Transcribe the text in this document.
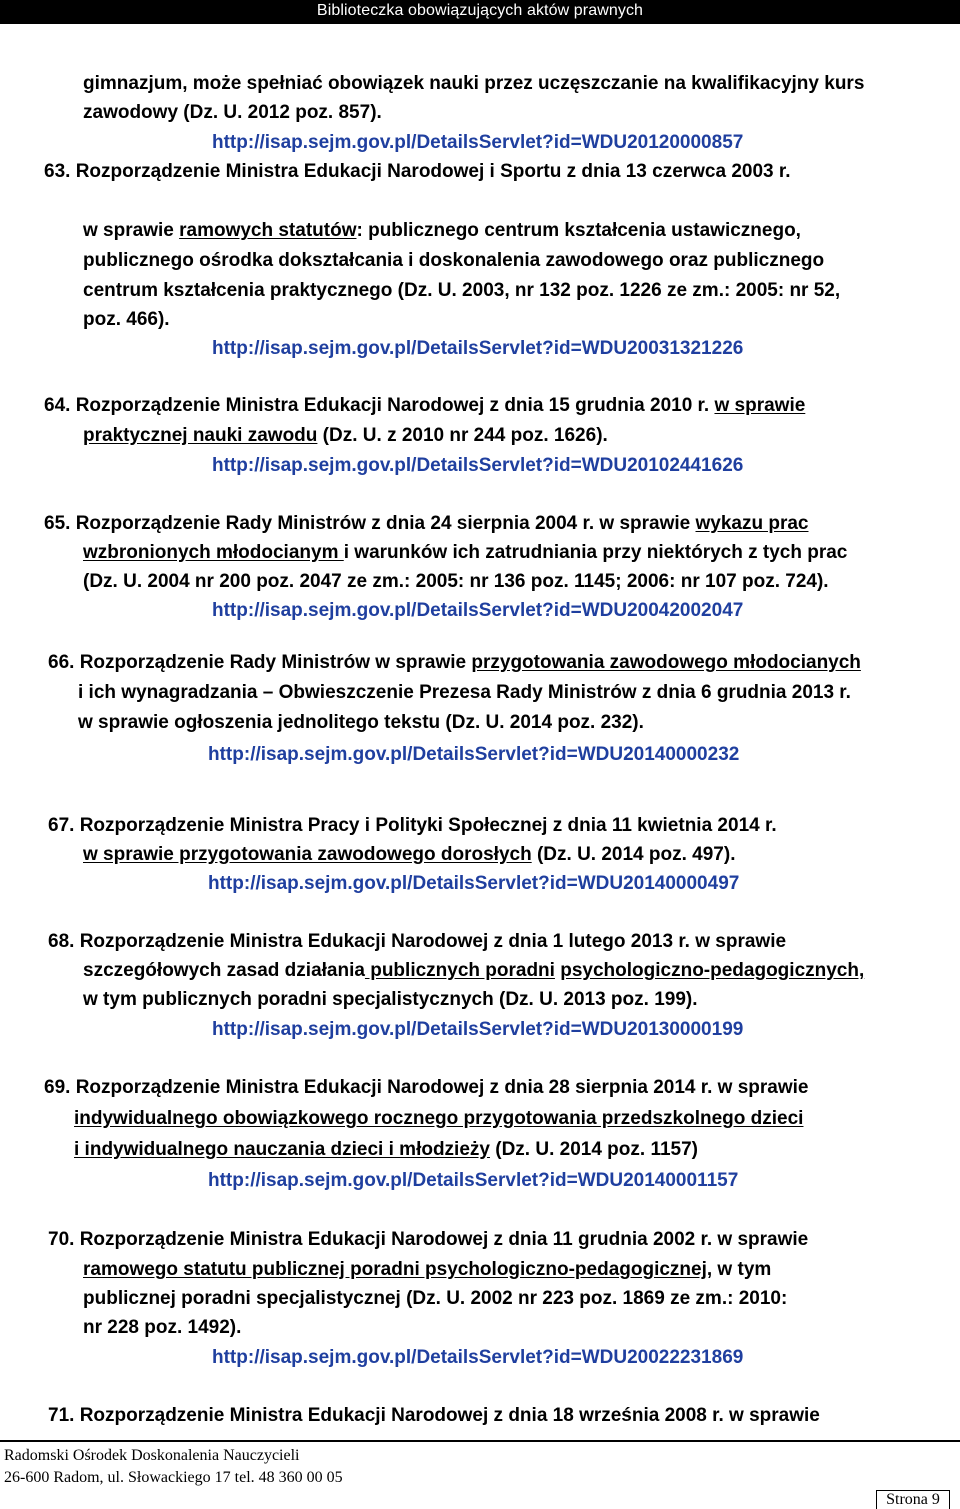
Biblioteczka obowiązujących aktów prawnych
gimnazjum, może spełniać obowiązek nauki przez uczęszczanie na kwalifikacyjny kurs
zawodowy (Dz. U. 2012 poz. 857).
http://isap.sejm.gov.pl/DetailsServlet?id=WDU20120000857
63. Rozporządzenie Ministra Edukacji Narodowej i Sportu z dnia 13 czerwca 2003 r.
w sprawie ramowych statutów: publicznego centrum kształcenia ustawicznego,
publicznego ośrodka dokształcania i doskonalenia zawodowego oraz publicznego
centrum kształcenia praktycznego (Dz. U. 2003, nr 132 poz. 1226 ze zm.: 2005: nr 52,
poz. 466).
http://isap.sejm.gov.pl/DetailsServlet?id=WDU20031321226
64. Rozporządzenie Ministra Edukacji Narodowej z dnia 15 grudnia 2010 r. w sprawie
praktycznej nauki zawodu (Dz. U. z 2010 nr 244 poz. 1626).
http://isap.sejm.gov.pl/DetailsServlet?id=WDU20102441626
65. Rozporządzenie Rady Ministrów z dnia 24 sierpnia 2004 r. w sprawie wykazu prac
wzbronionych młodocianym i warunków ich zatrudniania przy niektórych z tych prac
(Dz. U. 2004 nr 200 poz. 2047 ze zm.: 2005: nr 136 poz. 1145; 2006: nr 107 poz. 724).
http://isap.sejm.gov.pl/DetailsServlet?id=WDU20042002047
66. Rozporządzenie Rady Ministrów w sprawie przygotowania zawodowego młodocianych
i ich wynagradzania – Obwieszczenie Prezesa Rady Ministrów z dnia 6 grudnia 2013 r.
w sprawie ogłoszenia jednolitego tekstu (Dz. U. 2014 poz. 232).
http://isap.sejm.gov.pl/DetailsServlet?id=WDU20140000232
67. Rozporządzenie Ministra Pracy i Polityki Społecznej z dnia 11 kwietnia 2014 r.
w sprawie przygotowania zawodowego dorosłych (Dz. U. 2014 poz. 497).
http://isap.sejm.gov.pl/DetailsServlet?id=WDU20140000497
68. Rozporządzenie Ministra Edukacji Narodowej z dnia 1 lutego 2013 r. w sprawie
szczegółowych zasad działania publicznych poradni psychologiczno-pedagogicznych,
w tym publicznych poradni specjalistycznych (Dz. U. 2013 poz. 199).
http://isap.sejm.gov.pl/DetailsServlet?id=WDU20130000199
69. Rozporządzenie Ministra Edukacji Narodowej z dnia 28 sierpnia 2014 r. w sprawie
indywidualnego obowiązkowego rocznego przygotowania przedszkolnego dzieci
i indywidualnego nauczania dzieci i młodzieży (Dz. U. 2014 poz. 1157)
http://isap.sejm.gov.pl/DetailsServlet?id=WDU20140001157
70. Rozporządzenie Ministra Edukacji Narodowej z dnia 11 grudnia 2002 r. w sprawie
ramowego statutu publicznej poradni psychologiczno-pedagogicznej, w tym
publicznej poradni specjalistycznej (Dz. U. 2002 nr 223 poz. 1869 ze zm.: 2010:
nr 228 poz. 1492).
http://isap.sejm.gov.pl/DetailsServlet?id=WDU20022231869
71. Rozporządzenie Ministra Edukacji Narodowej z dnia 18 września 2008 r. w sprawie
Radomski Ośrodek Doskonalenia Nauczycieli
26-600 Radom, ul. Słowackiego 17 tel. 48 360 00 05
Strona 9
